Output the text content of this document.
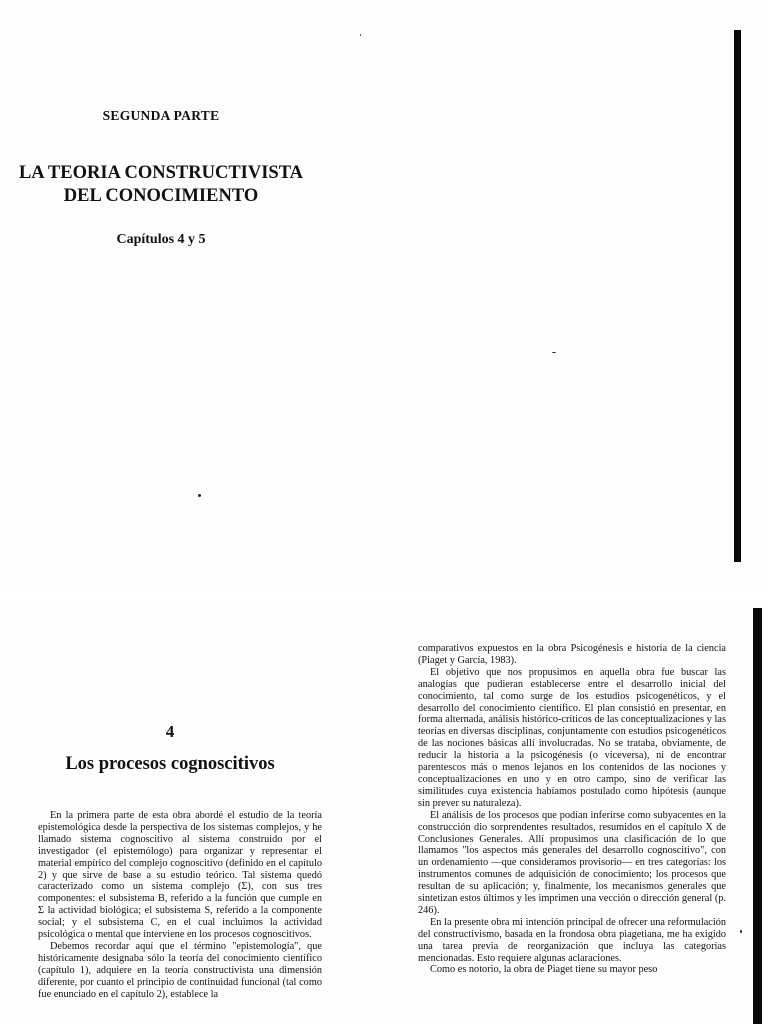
SEGUNDA PARTE
LA TEORIA CONSTRUCTIVISTA
DEL CONOCIMIENTO
Capítulos 4 y 5
4
Los procesos cognoscitivos

En la primera parte de esta obra abordé el estudio de la teoría epistemológica desde la perspectiva de los sistemas complejos, y he llamado sistema cognoscitivo al sistema construido por el investigador (el epistemólogo) para organizar y representar el material empírico del complejo cognoscitivo (definido en el capítulo 2) y que sirve de base a su estudio teórico. Tal sistema quedó caracterizado como un sistema complejo (Σ), con sus tres componentes: el subsistema B, referido a la función que cumple en Σ la actividad biológica; el subsistema S, referido a la componente social; y el subsistema C, en el cual incluimos la actividad psicológica o mental que interviene en los procesos cognoscitivos.

Debemos recordar aquí que el término "epistemología", que históricamente designaba sólo la teoría del conocimiento científico (capítulo 1), adquiere en la teoría constructivista una dimensión diferente, por cuanto el principio de continuidad funcional (tal como fue enunciado en el capítulo 2), establece la

comparativos expuestos en la obra Psicogénesis e historia de la ciencia (Piaget y García, 1983).

El objetivo que nos propusimos en aquella obra fue buscar las analogías que pudieran establecerse entre el desarrollo inicial del conocimiento, tal como surge de los estudios psicogenéticos, y el desarrollo del conocimiento científico. El plan consistió en presentar, en forma alternada, análisis histórico-críticos de las conceptualizaciones y las teorías en diversas disciplinas, conjuntamente con estudios psicogenéticos de las nociones básicas allí involucradas. No se trataba, obviamente, de reducir la historia a la psicogénesis (o viceversa), ni de encontrar parentescos más o menos lejanos en los contenidos de las nociones y conceptualizaciones en uno y en otro campo, sino de verificar las similitudes cuya existencia habíamos postulado como hipótesis (aunque sin prever su naturaleza).

El análisis de los procesos que podían inferirse como subyacentes en la construcción dio sorprendentes resultados, resumidos en el capítulo X de Conclusiones Generales. Allí propusimos una clasificación de lo que llamamos "los aspectos más generales del desarrollo cognoscitivo", con un ordenamiento —que consideramos provisorio— en tres categorías: los instrumentos comunes de adquisición de conocimiento; los procesos que resultan de su aplicación; y, finalmente, los mecanismos generales que sintetizan estos últimos y les imprimen una vección o dirección general (p. 246).

En la presente obra mi intención principal de ofrecer una reformulación del constructivismo, basada en la frondosa obra piagetiana, me ha exigido una tarea previa de reorganización que incluya las categorías mencionadas. Esto requiere algunas aclaraciones.

Como es notorio, la obra de Piaget tiene su mayor peso
